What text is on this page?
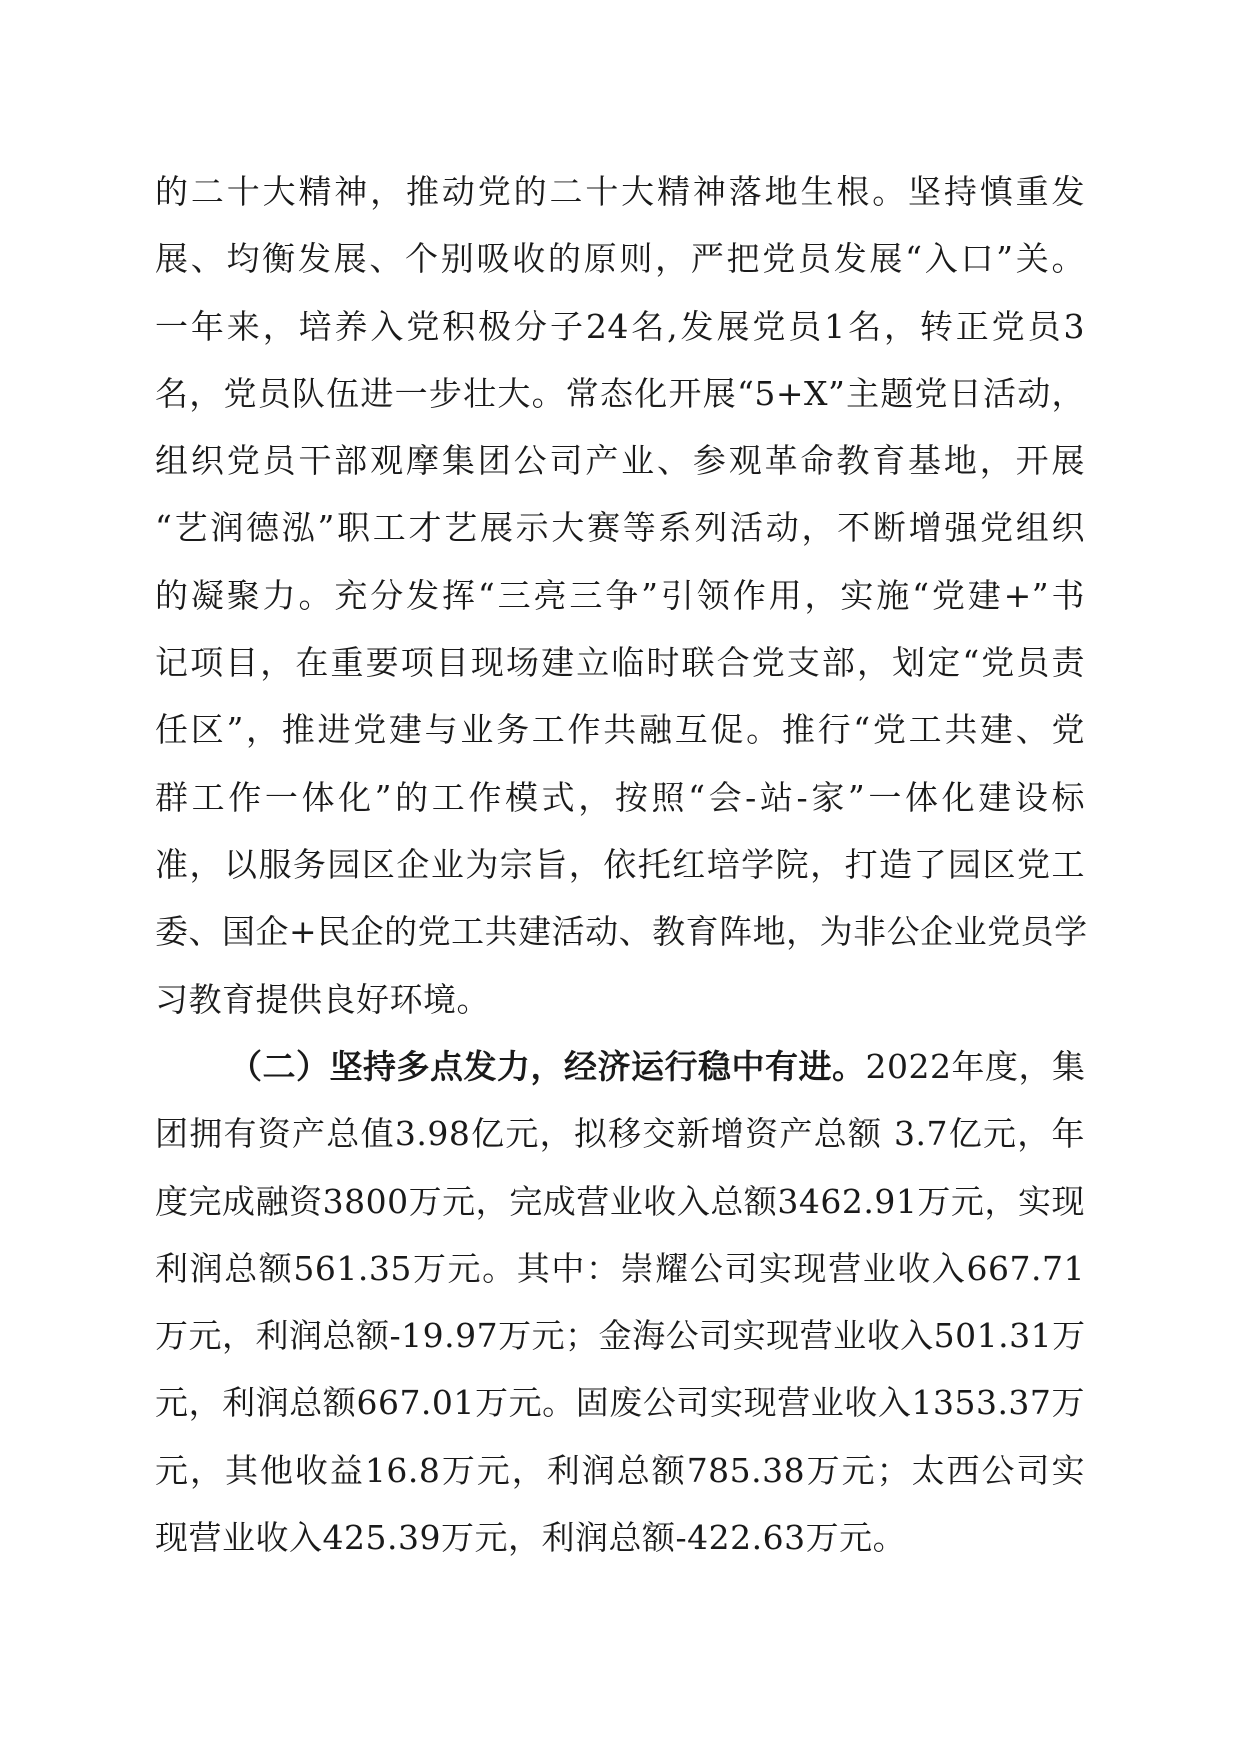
的二十大精神，推动党的二十大精神落地生根。坚持慎重发
展、均衡发展、个别吸收的原则，严把党员发展“入口”关。
一年来，培养入党积极分子24名,发展党员1名，转正党员3
名，党员队伍进一步壮大。常态化开展“5+X”主题党日活动，
组织党员干部观摩集团公司产业、参观革命教育基地，开展
“艺润德泓”职工才艺展示大赛等系列活动，不断增强党组织
的凝聚力。充分发挥“三亮三争”引领作用，实施“党建+”书
记项目，在重要项目现场建立临时联合党支部，划定“党员责
任区”，推进党建与业务工作共融互促。推行“党工共建、党
群工作一体化”的工作模式，按照“会-站-家”一体化建设标
准，以服务园区企业为宗旨，依托红培学院，打造了园区党工
委、国企+民企的党工共建活动、教育阵地，为非公企业党员学
习教育提供良好环境。
（二）坚持多点发力，经济运行稳中有进。2022年度，集
团拥有资产总值3.98亿元，拟移交新增资产总额 3.7亿元，年
度完成融资3800万元，完成营业收入总额3462.91万元，实现
利润总额561.35万元。其中：崇耀公司实现营业收入667.71
万元，利润总额-19.97万元；金海公司实现营业收入501.31万
元，利润总额667.01万元。固废公司实现营业收入1353.37万
元，其他收益16.8万元，利润总额785.38万元；太西公司实
现营业收入425.39万元，利润总额-422.63万元。
